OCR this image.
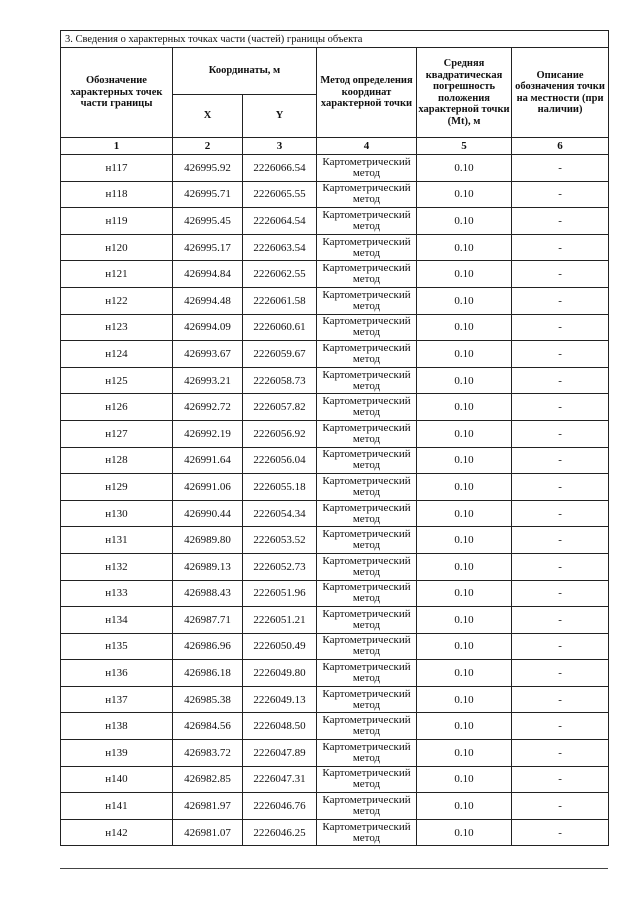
3. Сведения о характерных точках части (частей) границы объекта					
Обозначение характерных точек части границы	Координаты, м		Метод определения координат характерной точки	Средняя квадратическая погрешность положения характерной точки (Mt), м	Описание обозначения точки на местности (при наличии)
	X	Y			
1	2	3	4	5	6
н117	426995.92	2226066.54	Картометрический метод	0.10	-
н118	426995.71	2226065.55	Картометрический метод	0.10	-
н119	426995.45	2226064.54	Картометрический метод	0.10	-
н120	426995.17	2226063.54	Картометрический метод	0.10	-
н121	426994.84	2226062.55	Картометрический метод	0.10	-
н122	426994.48	2226061.58	Картометрический метод	0.10	-
н123	426994.09	2226060.61	Картометрический метод	0.10	-
н124	426993.67	2226059.67	Картометрический метод	0.10	-
н125	426993.21	2226058.73	Картометрический метод	0.10	-
н126	426992.72	2226057.82	Картометрический метод	0.10	-
н127	426992.19	2226056.92	Картометрический метод	0.10	-
н128	426991.64	2226056.04	Картометрический метод	0.10	-
н129	426991.06	2226055.18	Картометрический метод	0.10	-
н130	426990.44	2226054.34	Картометрический метод	0.10	-
н131	426989.80	2226053.52	Картометрический метод	0.10	-
н132	426989.13	2226052.73	Картометрический метод	0.10	-
н133	426988.43	2226051.96	Картометрический метод	0.10	-
н134	426987.71	2226051.21	Картометрический метод	0.10	-
н135	426986.96	2226050.49	Картометрический метод	0.10	-
н136	426986.18	2226049.80	Картометрический метод	0.10	-
н137	426985.38	2226049.13	Картометрический метод	0.10	-
н138	426984.56	2226048.50	Картометрический метод	0.10	-
н139	426983.72	2226047.89	Картометрический метод	0.10	-
н140	426982.85	2226047.31	Картометрический метод	0.10	-
н141	426981.97	2226046.76	Картометрический метод	0.10	-
н142	426981.07	2226046.25	Картометрический метод	0.10	-
